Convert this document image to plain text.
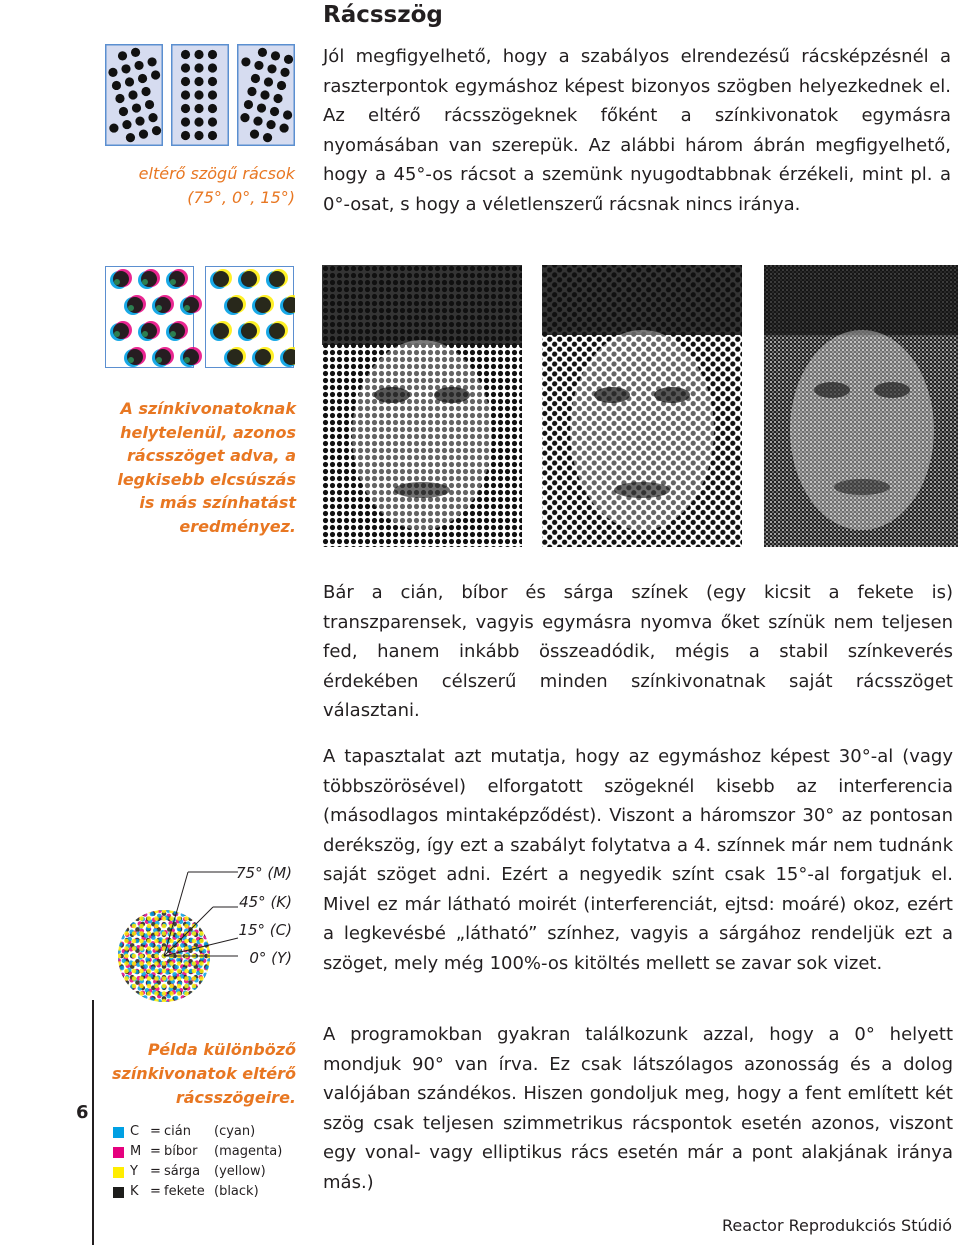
Rácsszög

Jól megfigyelhető, hogy a szabályos elrendezésű rácsképzésnél a raszterpontok egymáshoz képest bizonyos szögben helyezkednek el. Az eltérő rácsszögeknek főként a színkivonatok egymásra nyomásában van szerepük. Az alábbi három ábrán megfigyelhető, hogy a 45°-os rácsot a szemünk nyugodtabbnak érzékeli, mint pl. a 0°-osat, s hogy a véletlenszerű rácsnak nincs iránya.

eltérő szögű rácsok
(75°, 0°, 15°)
A színkivonatoknak helytelenül, azonos rácsszöget adva, a legkisebb elcsúszás is más színhatást eredményez.

Bár a cián, bíbor és sárga színek (egy kicsit a fekete is) transzparensek, vagyis egymásra nyomva őket színük nem teljesen fed, hanem inkább összeadódik, mégis a stabil színkeverés érdekében célszerű minden színkivonatnak saját rácsszöget választani.

A tapasztalat azt mutatja, hogy az egymáshoz képest 30°-al (vagy többszörösével) elforgatott szögeknél kisebb az interferencia (másodlagos mintaképződést). Viszont a háromszor 30° az pontosan derékszög, így ezt a szabályt folytatva a 4. színnek már nem tudnánk saját szöget adni. Ezért a negyedik színt csak 15°-al forgatjuk el. Mivel ez már látható moirét (interferenciát, ejtsd: moáré) okoz, ezért a legkevésbé „látható” színhez, vagyis a sárgához rendeljük ezt a szöget, mely még 100%-os kitöltés mellett se zavar sok vizet.

A programokban gyakran találkozunk azzal, hogy a 0° helyett mondjuk 90° van írva. Ez csak látszólagos azonosság és a dolog valójában szándékos. Hiszen gondoljuk meg, hogy a fent említett két szög csak teljesen szimmetrikus rácspontok esetén azonos, viszont egy vonal- vagy elliptikus rács esetén már a pont alakjának iránya más.)

75° (M)
45° (K)
15° (C)
0° (Y)
Példa különböző színkivonatok eltérő rácsszögeire.
C = cián	(cyan)
M = bíbor	(magenta)
Y = sárga	(yellow)
K = fekete (black)
6
Reactor Reprodukciós Stúdió
